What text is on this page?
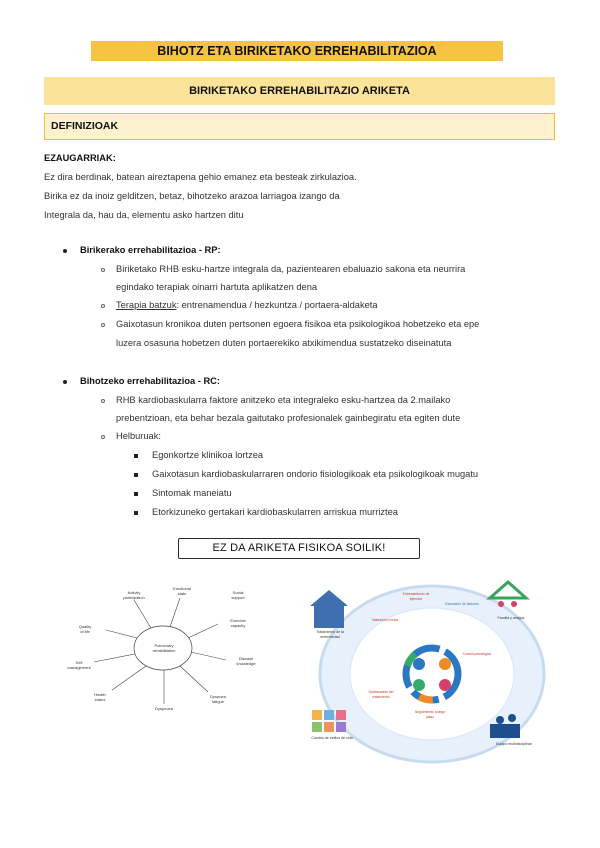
BIHOTZ ETA BIRIKETAKO ERREHABILITAZIOA
BIRIKETAKO ERREHABILITAZIO ARIKETA
DEFINIZIOAK
EZAUGARRIAK:
Ez dira berdinak, batean aireztapena gehio emanez eta besteak zirkulazioa.
Birika ez da inoiz gelditzen, betaz, bihotzeko arazoa larriagoa izango da
Integrala da, hau da, elementu asko hartzen ditu
Birikerako errehabilitazioa - RP:
Biriketako RHB esku-hartze integrala da, pazientearen ebaluazio sakona eta neurrira
egindako terapiak oinarri hartuta aplikatzen dena
Terapia batzuk: entrenamendua / hezkuntza / portaera-aldaketa
Gaixotasun kronikoa duten pertsonen egoera fisikoa eta psikologikoa hobetzeko eta epe
luzera osasuna hobetzen duten portaerekiko atxikimendua sustatzeko diseinatuta
Bihotzeko errehabilitazioa - RC:
RHB kardiobaskularra faktore anitzeko eta integraleko esku-hartzea da 2.mailako
prebentzioan, eta behar bezala gaitutako profesionalek gainbegiratu eta egiten dute
Helburuak:
Egonkortze klinikoa lortzea
Gaixotasun kardiobaskularraren ondorio fisiologikoak eta psikologikoak mugatu
Sintomak maneiatu
Etorkizuneko gertakari kardiobaskularren arriskua murriztea
EZ DA ARIKETA FISIKOA SOILIK!
Pulmonary
rehabilitation
Activity
participation
Emotional
state
Exercise
capacity
Disease
knowledge
Dyspnea
fatigue
Dyspnoea
Health
status
Self
management
Quality
of life
Social
support
Tratamiento de la enfermedad
Familia y amigos
Equipo multidisciplinar
Cambio de estilos de vida
Entrenamiento de ejercicio
Educación de factores
Control psicológico
Valoración clínica
Optimización del tratamiento
Seguimiento a largo plazo
